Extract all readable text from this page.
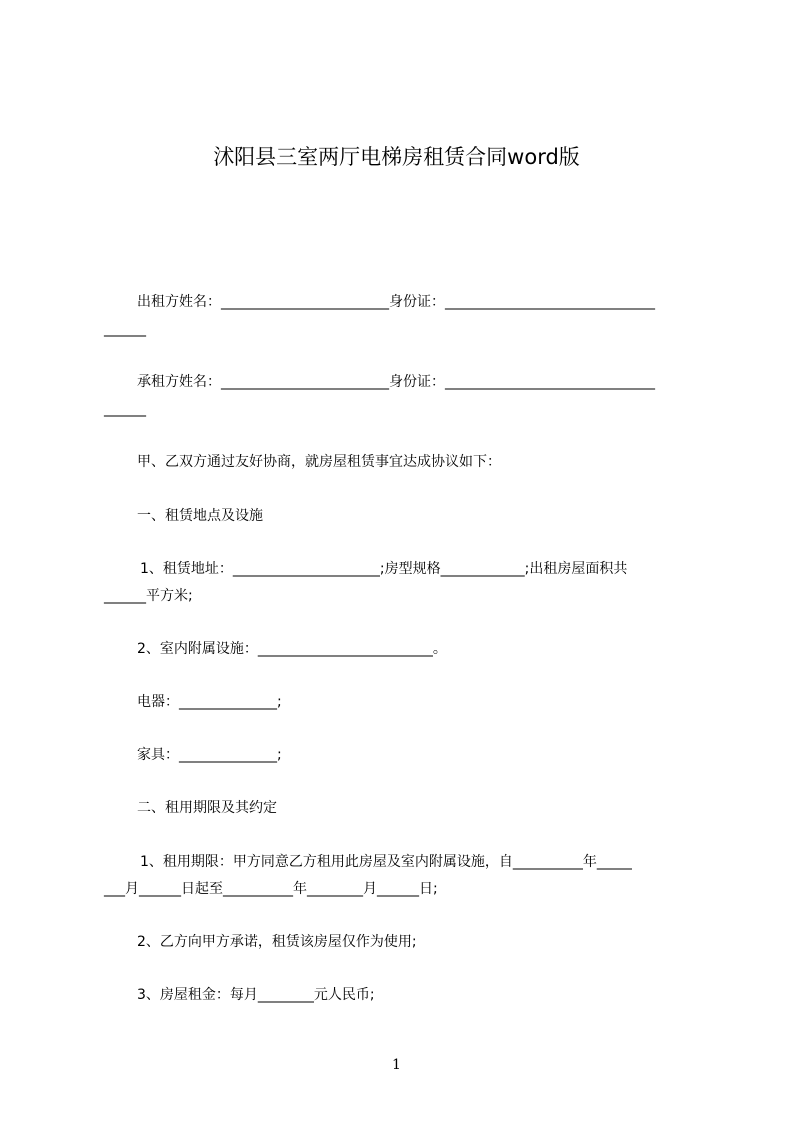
沭阳县三室两厅电梯房租赁合同word版
出租方姓名：________________________身份证：______________________________
______
承租方姓名：________________________身份证：______________________________
______
甲、乙双方通过友好协商，就房屋租赁事宜达成协议如下：
一、租赁地点及设施
1、租赁地址：_____________________;房型规格____________;出租房屋面积共
______平方米;
2、室内附属设施：_________________________。
电器：______________;
家具：______________;
二、租用期限及其约定
1、租用期限：甲方同意乙方租用此房屋及室内附属设施，自__________年_____
___月______日起至__________年________月______日;
2、乙方向甲方承诺，租赁该房屋仅作为使用;
3、房屋租金：每月________元人民币;
1
